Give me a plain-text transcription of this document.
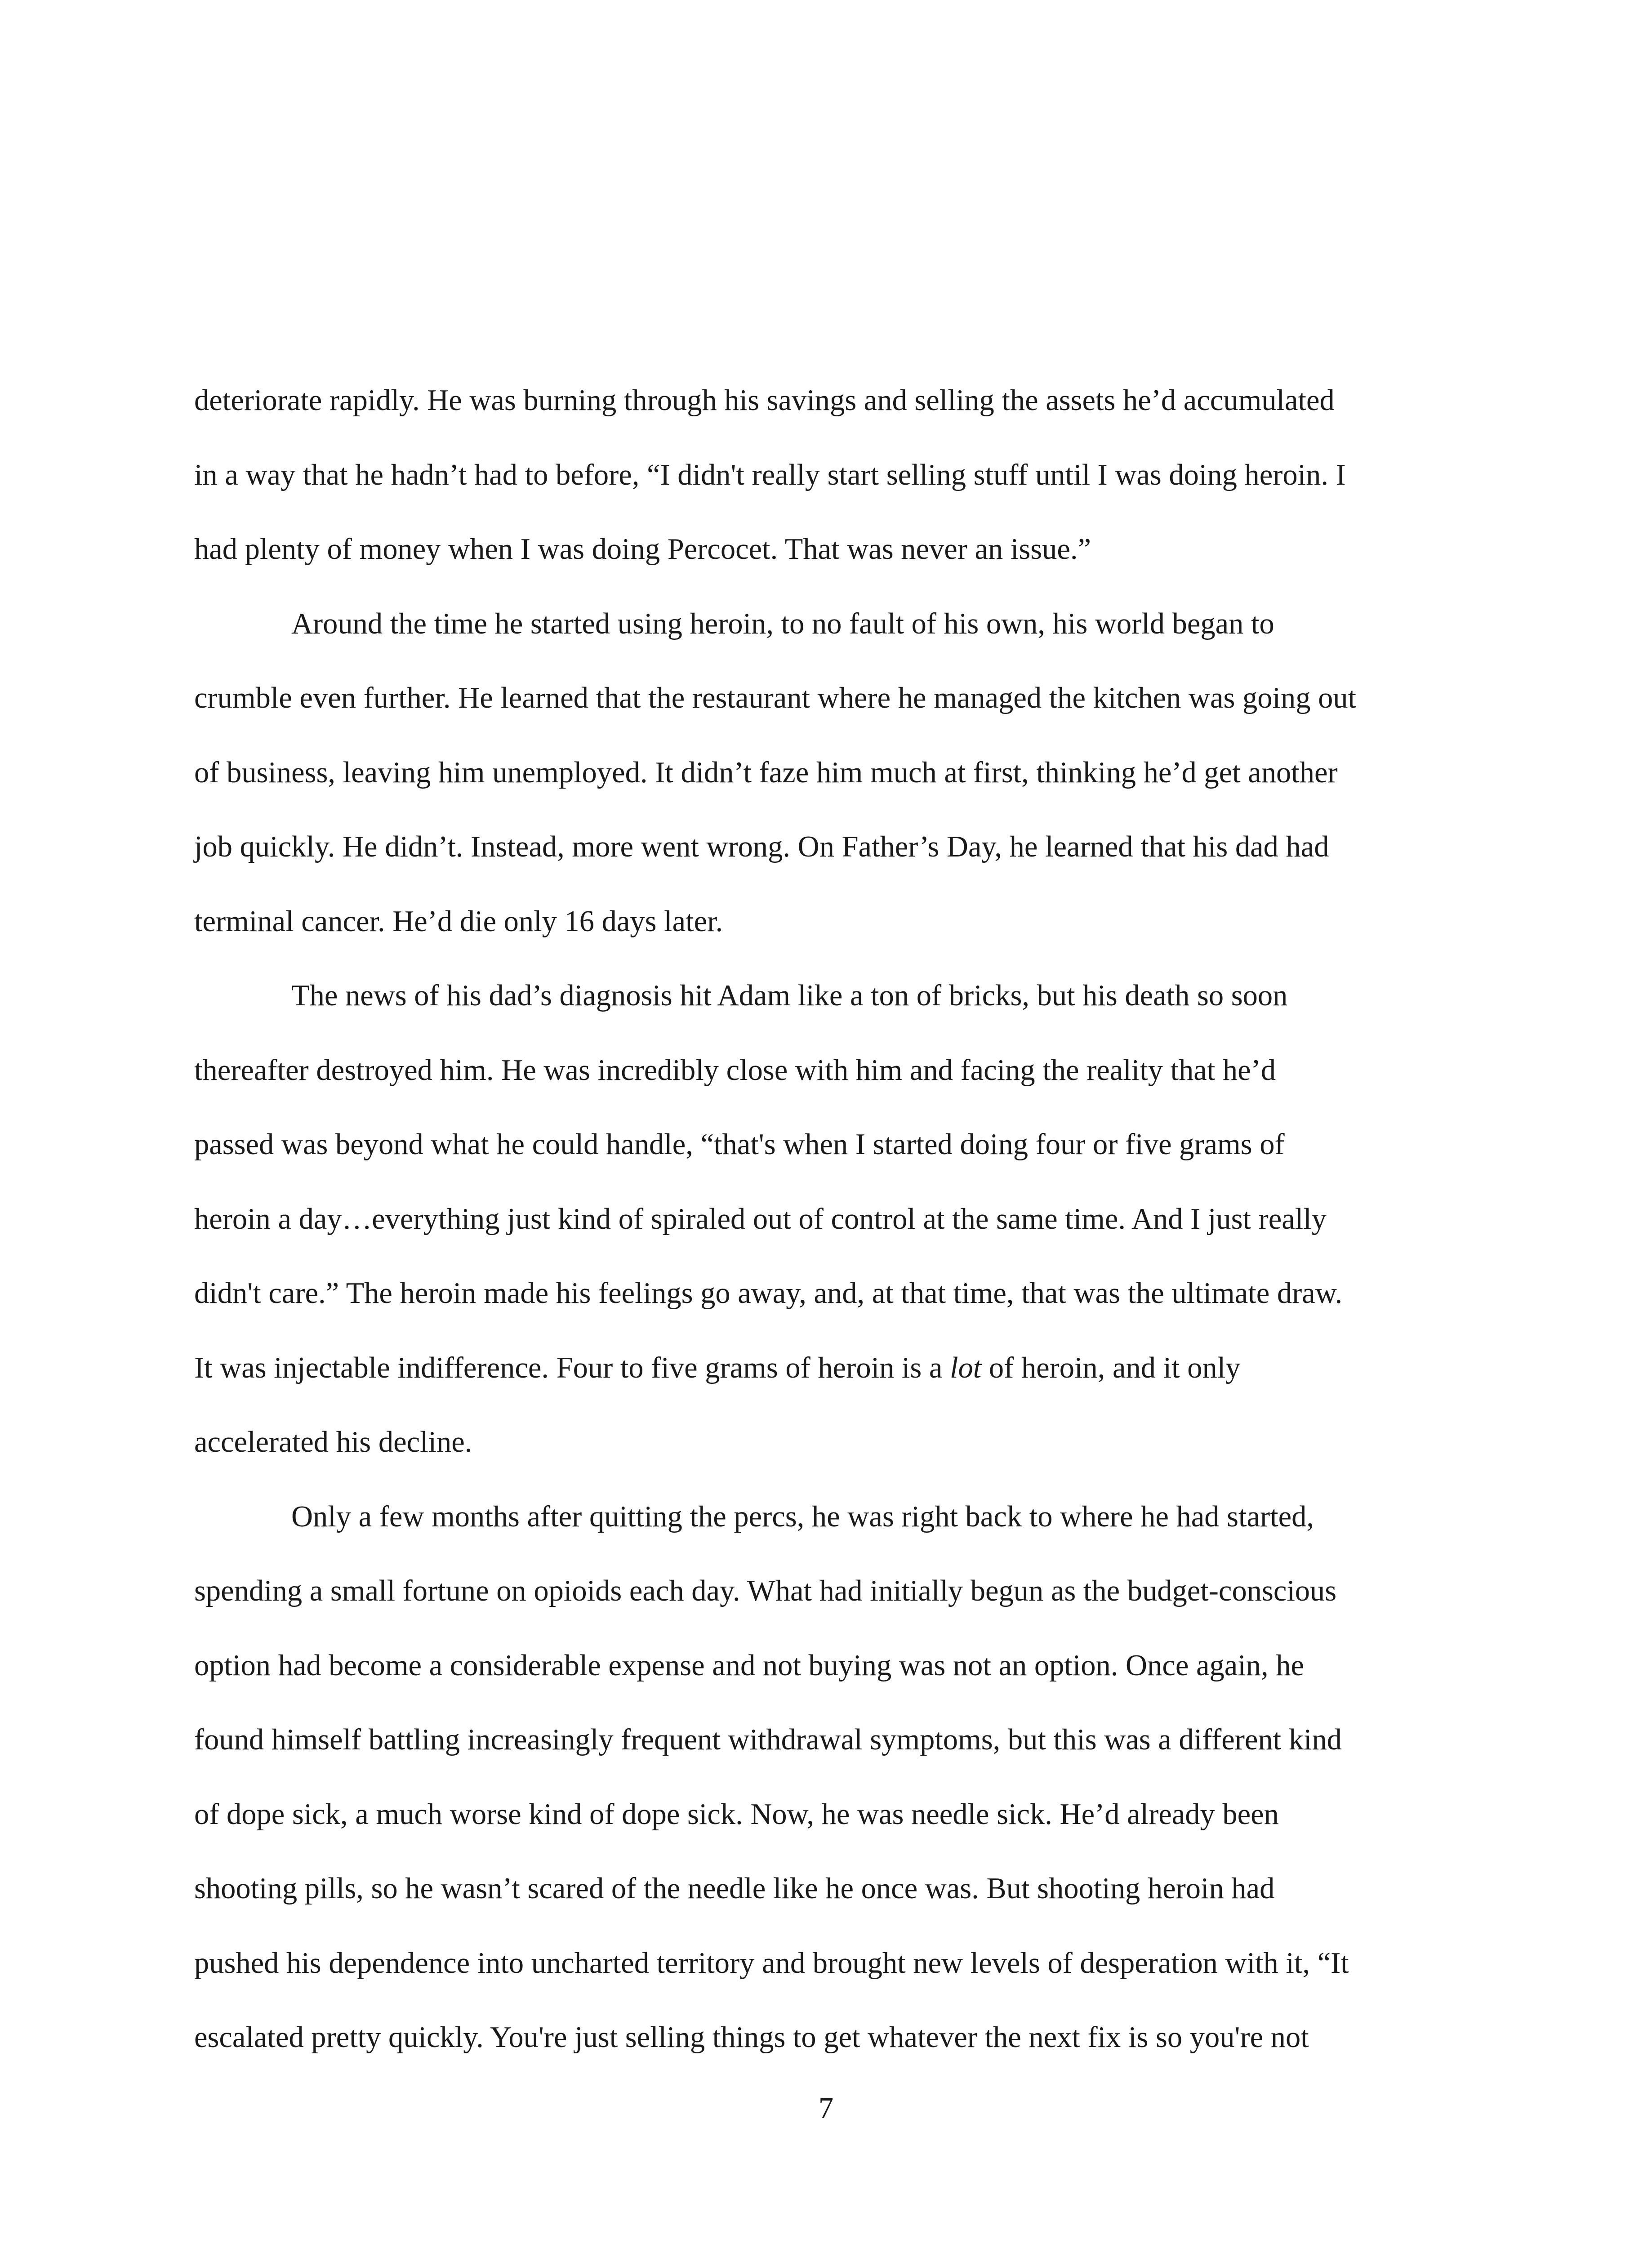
deteriorate rapidly. He was burning through his savings and selling the assets he’d accumulated
in a way that he hadn’t had to before, “I didn't really start selling stuff until I was doing heroin. I
had plenty of money when I was doing Percocet. That was never an issue.”

Around the time he started using heroin, to no fault of his own, his world began to
crumble even further. He learned that the restaurant where he managed the kitchen was going out
of business, leaving him unemployed. It didn’t faze him much at first, thinking he’d get another
job quickly. He didn’t. Instead, more went wrong. On Father’s Day, he learned that his dad had
terminal cancer. He’d die only 16 days later.

The news of his dad’s diagnosis hit Adam like a ton of bricks, but his death so soon
thereafter destroyed him. He was incredibly close with him and facing the reality that he’d
passed was beyond what he could handle, “that's when I started doing four or five grams of
heroin a day…everything just kind of spiraled out of control at the same time. And I just really
didn't care.” The heroin made his feelings go away, and, at that time, that was the ultimate draw.
It was injectable indifference. Four to five grams of heroin is a lot of heroin, and it only
accelerated his decline.

Only a few months after quitting the percs, he was right back to where he had started,
spending a small fortune on opioids each day. What had initially begun as the budget-conscious
option had become a considerable expense and not buying was not an option. Once again, he
found himself battling increasingly frequent withdrawal symptoms, but this was a different kind
of dope sick, a much worse kind of dope sick. Now, he was needle sick. He’d already been
shooting pills, so he wasn’t scared of the needle like he once was. But shooting heroin had
pushed his dependence into uncharted territory and brought new levels of desperation with it, “It
escalated pretty quickly. You're just selling things to get whatever the next fix is so you're not

7
